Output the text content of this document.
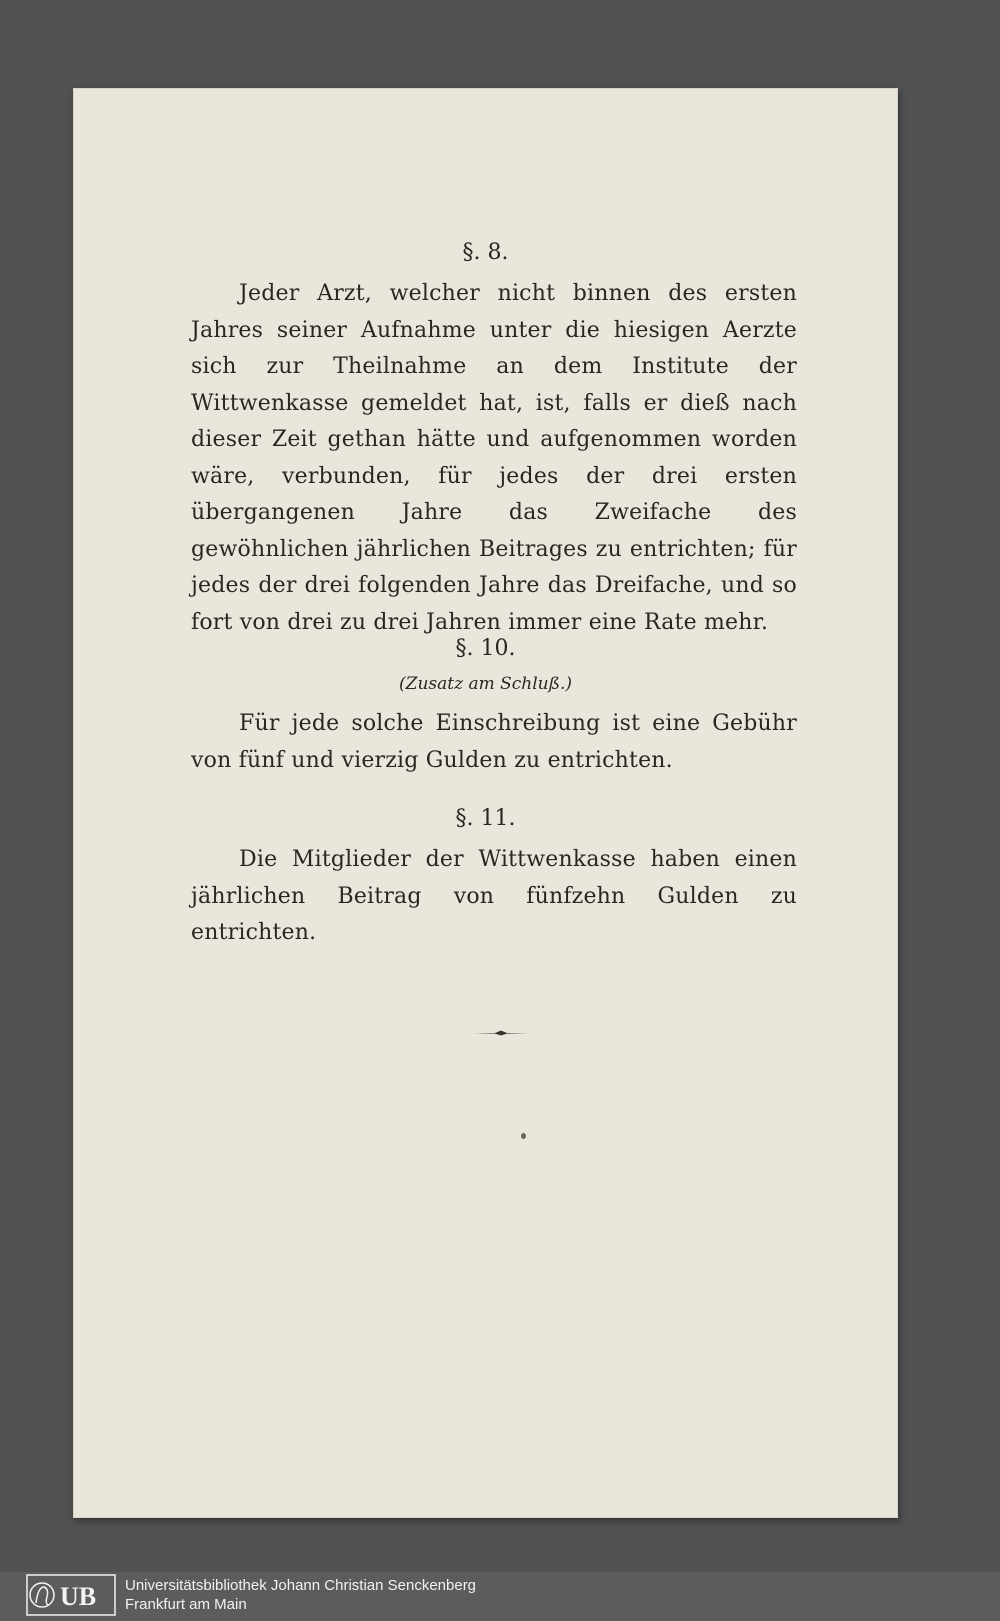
§. 8.
Jeder Arzt, welcher nicht binnen des ersten Jahres seiner Aufnahme unter die hiesigen Aerzte sich zur Theilnahme an dem Institute der Wittwenkasse gemeldet hat, ist, falls er dieß nach dieser Zeit gethan hätte und aufgenommen worden wäre, verbunden, für jedes der drei ersten übergangenen Jahre das Zweifache des gewöhnlichen jährlichen Beitrages zu entrichten; für jedes der drei folgenden Jahre das Dreifache, und so fort von drei zu drei Jahren immer eine Rate mehr.
§. 10.
(Zusatz am Schluß.)
Für jede solche Einschreibung ist eine Gebühr von fünf und vierzig Gulden zu entrichten.
§. 11.
Die Mitglieder der Wittwenkasse haben einen jährlichen Beitrag von fünfzehn Gulden zu entrichten.
UB Universitätsbibliothek Johann Christian Senckenberg
Frankfurt am Main
